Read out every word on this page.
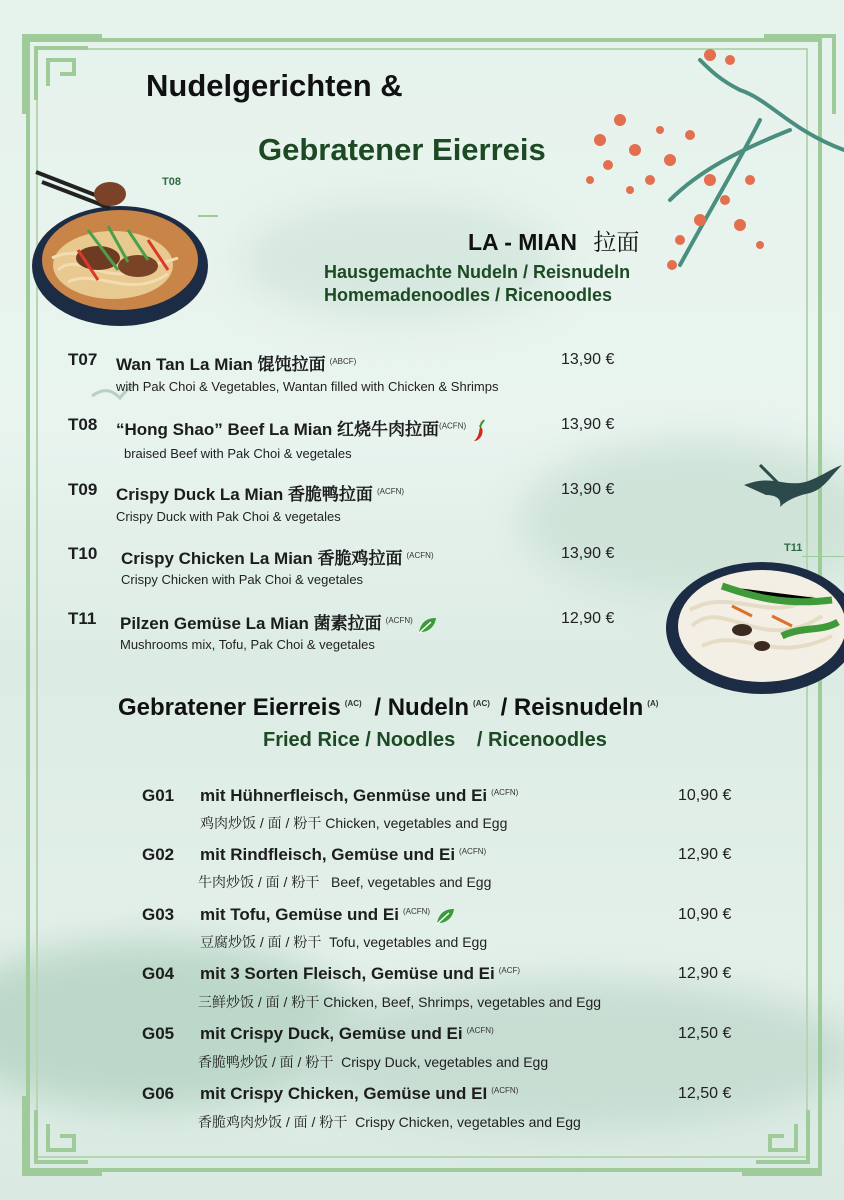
T08
T11
Nudelgerichten &
Gebratener Eierreis
LA - MIAN 拉面
Hausgemachte Nudeln / Reisnudeln
Homemadenoodles / Ricenoodles
T07 Wan Tan La Mian 馄饨拉面 $^{(ABCF)}$
with Pak Choi & Vegetables, Wantan filled with Chicken & Shrimps
13,90 €
T08 “Hong Shao” Beef La Mian 红烧牛肉拉面$^{(ACFN)}$
braised Beef with Pak Choi & vegetales
13,90 €
T09 Crispy Duck La Mian 香脆鸭拉面 $^{(ACFN)}$
Crispy Duck with Pak Choi & vegetales
13,90 €
T10 Crispy Chicken La Mian 香脆鸡拉面 $^{(ACFN)}$
Crispy Chicken with Pak Choi & vegetales
13,90 €
T11 Pilzen Gemüse La Mian 菌素拉面 $^{(ACFN)}$
Mushrooms mix, Tofu, Pak Choi & vegetales
12,90 €
Gebratener Eierreis $^{(AC)}$ / Nudeln $^{(AC)}$ / Reisnudeln $^{(A)}$
Fried Rice / Noodles / Ricenoodles
G01 mit Hühnerfleisch, Genmüse und Ei $^{(ACFN)}$
鸡肉炒饭 / 面 / 粉干 Chicken, vegetables and Egg
10,90 €
G02 mit Rindfleisch, Gemüse und Ei $^{(ACFN)}$
牛肉炒饭 / 面 / 粉干   Beef, vegetables and Egg
12,90 €
G03 mit Tofu, Gemüse und Ei $^{(ACFN)}$
豆腐炒饭 / 面 / 粉干  Tofu, vegetables and Egg
10,90 €
G04 mit 3 Sorten Fleisch, Gemüse und Ei $^{(ACF)}$
三鲜炒饭 / 面 / 粉干 Chicken, Beef, Shrimps, vegetables and Egg
12,90 €
G05 mit Crispy Duck, Gemüse und Ei $^{(ACFN)}$
香脆鸭炒饭 / 面 / 粉干  Crispy Duck, vegetables and Egg
12,50 €
G06 mit Crispy Chicken, Gemüse und EI $^{(ACFN)}$
香脆鸡肉炒饭 / 面 / 粉干  Crispy Chicken, vegetables and Egg
12,50 €
